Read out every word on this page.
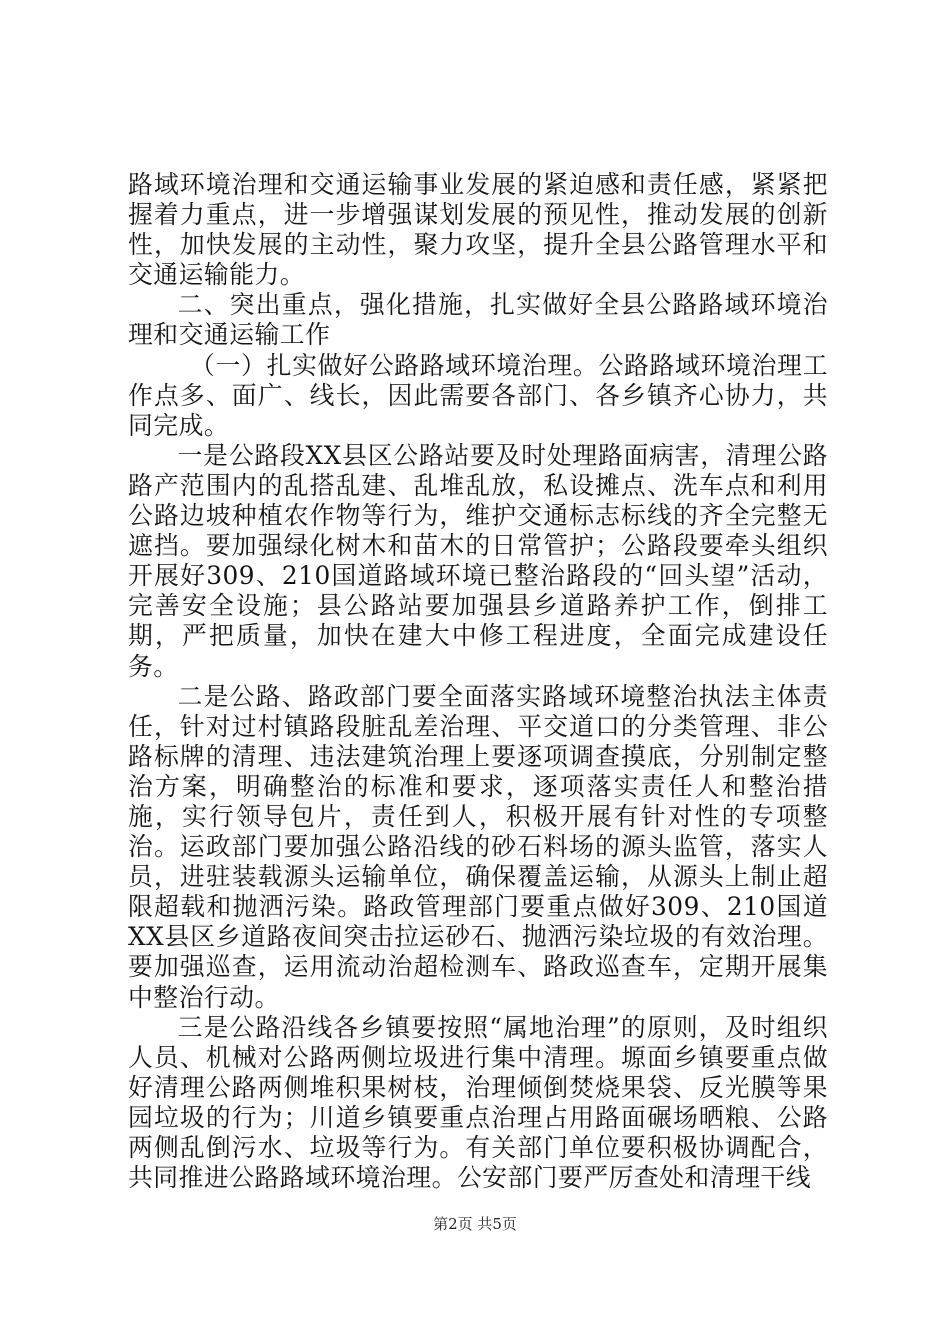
路域环境治理和交通运输事业发展的紧迫感和责任感，紧紧把握着力重点，进一步增强谋划发展的预见性，推动发展的创新性，加快发展的主动性，聚力攻坚，提升全县公路管理水平和交通运输能力。

二、突出重点，强化措施，扎实做好全县公路路域环境治理和交通运输工作

（一）扎实做好公路路域环境治理。公路路域环境治理工作点多、面广、线长，因此需要各部门、各乡镇齐心协力，共同完成。

一是公路段XX县区公路站要及时处理路面病害，清理公路路产范围内的乱搭乱建、乱堆乱放，私设摊点、洗车点和利用公路边坡种植农作物等行为，维护交通标志标线的齐全完整无遮挡。要加强绿化树木和苗木的日常管护；公路段要牵头组织开展好309、210国道路域环境已整治路段的“回头望”活动，完善安全设施；县公路站要加强县乡道路养护工作，倒排工期，严把质量，加快在建大中修工程进度，全面完成建设任务。

二是公路、路政部门要全面落实路域环境整治执法主体责任，针对过村镇路段脏乱差治理、平交道口的分类管理、非公路标牌的清理、违法建筑治理上要逐项调查摸底，分别制定整治方案，明确整治的标准和要求，逐项落实责任人和整治措施，实行领导包片，责任到人，积极开展有针对性的专项整治。运政部门要加强公路沿线的砂石料场的源头监管，落实人员，进驻装载源头运输单位，确保覆盖运输，从源头上制止超限超载和抛洒污染。路政管理部门要重点做好309、210国道XX县区乡道路夜间突击拉运砂石、抛洒污染垃圾的有效治理。要加强巡查，运用流动治超检测车、路政巡查车，定期开展集中整治行动。

三是公路沿线各乡镇要按照“属地治理”的原则，及时组织人员、机械对公路两侧垃圾进行集中清理。塬面乡镇要重点做好清理公路两侧堆积果树枝，治理倾倒焚烧果袋、反光膜等果园垃圾的行为；川道乡镇要重点治理占用路面碾场晒粮、公路两侧乱倒污水、垃圾等行为。有关部门单位要积极协调配合，共同推进公路路域环境治理。公安部门要严厉查处和清理干线

第2页 共5页
